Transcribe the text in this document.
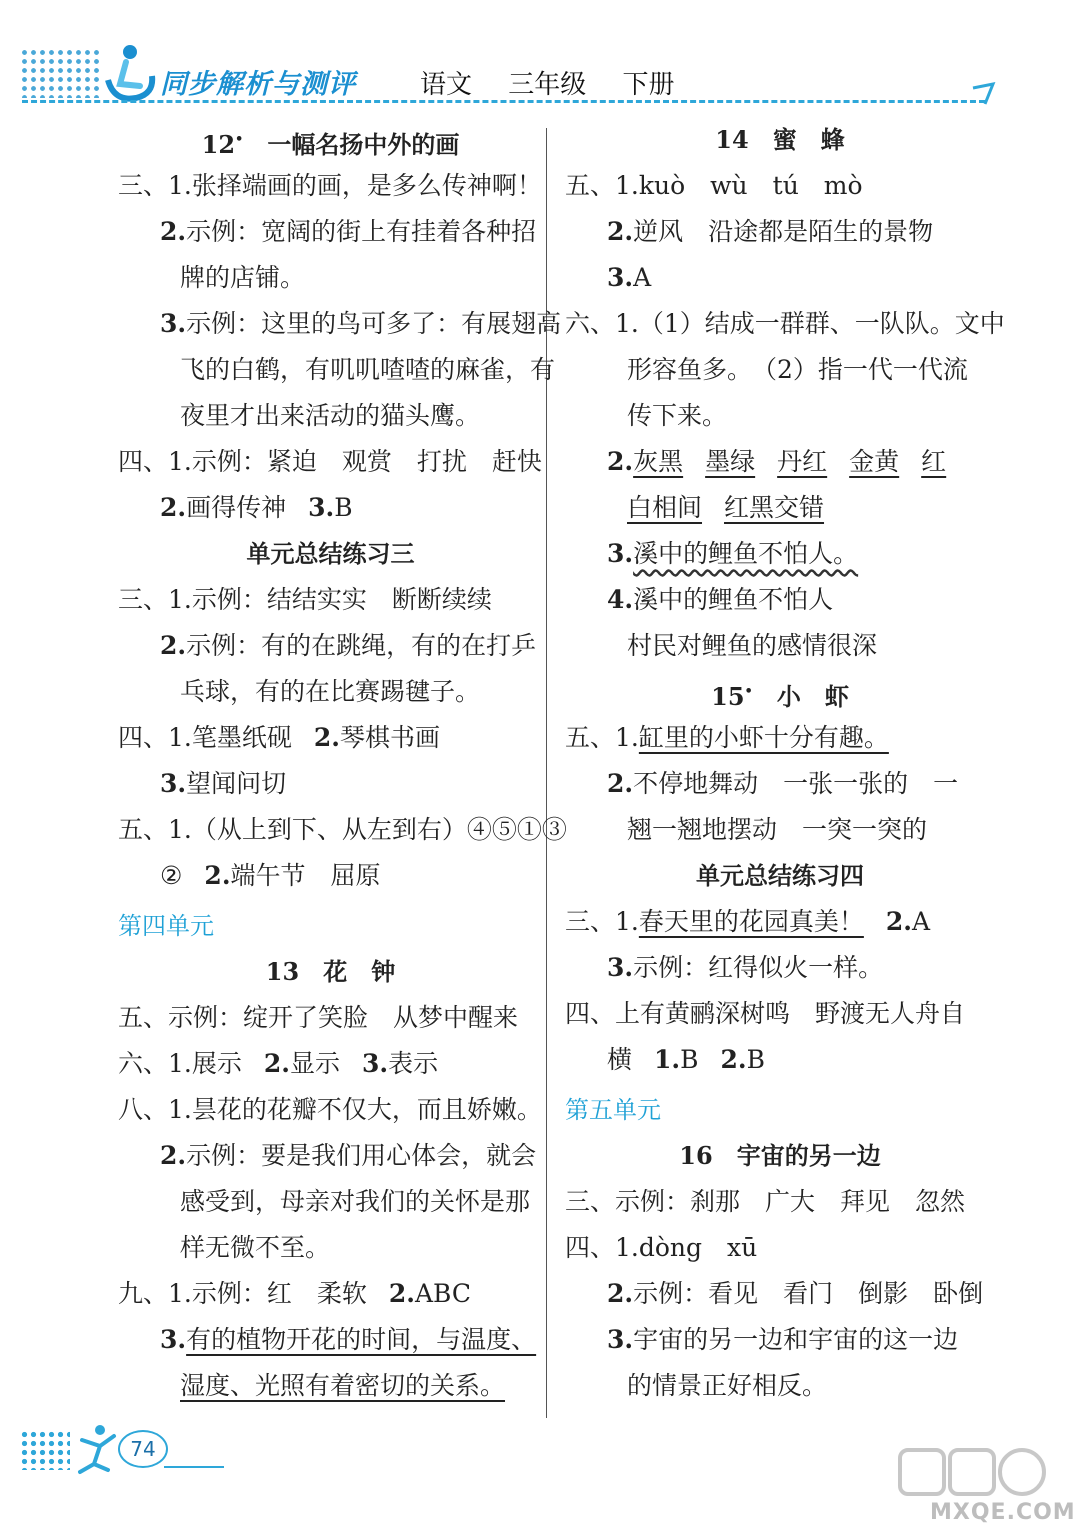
同步解析与测评 语文 三年级 下册
12•　 一幅名扬中外的画
三、1.张择端画的画，是多么传神啊！
2.示例：宽阔的街上有挂着各种招
牌的店铺。
3.示例：这里的鸟可多了：有展翅高
飞的白鹤，有叽叽喳喳的麻雀，有
夜里才出来活动的猫头鹰。
四、1.示例：紧迫　观赏　打扰　赶快
2.画得传神 3.B
单元总结练习三
三、1.示例：结结实实　断断续续
2.示例：有的在跳绳，有的在打乒
乓球，有的在比赛踢毽子。
四、1.笔墨纸砚 2.琴棋书画
3.望闻问切
五、1.（从上到下、从左到右）④⑤①③
② 2.端午节　屈原
第四单元
13　花　钟
五、示例：绽开了笑脸　从梦中醒来
六、1.展示 2.显示 3.表示
八、1.昙花的花瓣不仅大，而且娇嫩。
2.示例：要是我们用心体会，就会
感受到，母亲对我们的关怀是那
样无微不至。
九、1.示例：红　柔软 2.ABC
3.有的植物开花的时间，与温度、
湿度、光照有着密切的关系。
14　蜜　蜂
五、1.kuò　wù　tú　mò
2.逆风　沿途都是陌生的景物
3.A
六、1.（1）结成一群群、一队队。文中
形容鱼多。　（2）指一代一代流
传下来。
2.灰黑 墨绿 丹红 金黄 红
白相间 红黑交错
3.溪中的鲤鱼不怕人。
4.溪中的鲤鱼不怕人
村民对鲤鱼的感情很深
15•　 小　虾
五、1.缸里的小虾十分有趣。
2.不停地舞动　一张一张的　一
翘一翘地摆动　一突一突的
单元总结练习四
三、1.春天里的花园真美！ 2.A
3.示例：红得似火一样。
四、上有黄鹂深树鸣　野渡无人舟自
横 1.B 2.B
第五单元
16　宇宙的另一边
三、示例：刹那　广大　拜见　忽然
四、1.dòng　xū
2.示例：看见　看门　倒影　卧倒
3.宇宙的另一边和宇宙的这一边
的情景正好相反。
74
MXQE.COM
